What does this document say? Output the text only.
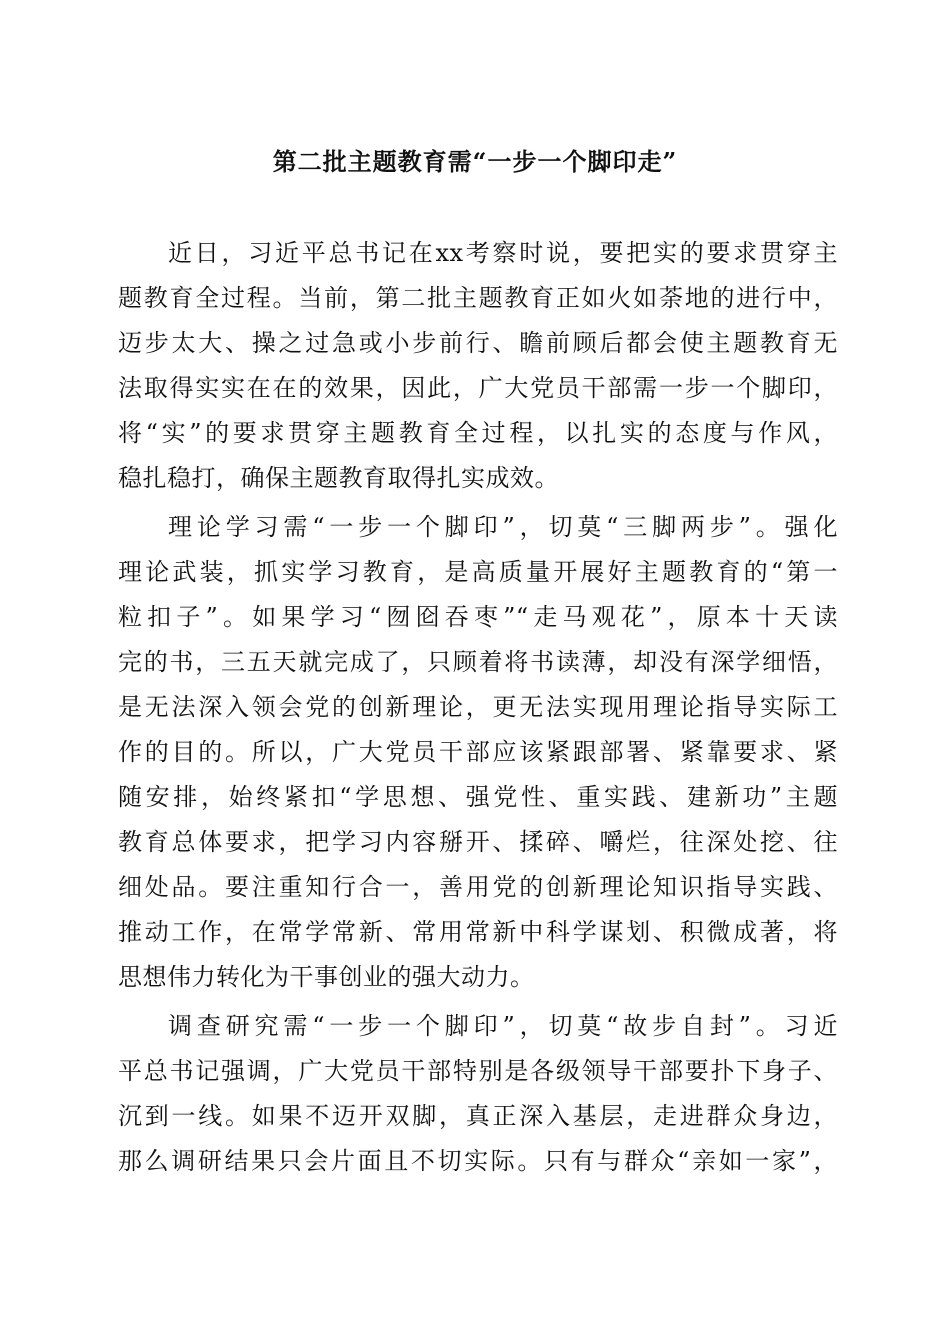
第二批主题教育需“一步一个脚印走”
近日，习近平总书记在xx考察时说，要把实的要求贯穿主
题教育全过程。当前，第二批主题教育正如火如荼地的进行中，
迈步太大、操之过急或小步前行、瞻前顾后都会使主题教育无
法取得实实在在的效果，因此，广大党员干部需一步一个脚印，
将“实”的要求贯穿主题教育全过程，以扎实的态度与作风，
稳扎稳打，确保主题教育取得扎实成效。
理论学习需“一步一个脚印”，切莫“三脚两步”。强化
理论武装，抓实学习教育，是高质量开展好主题教育的“第一
粒扣子”。如果学习“囫囵吞枣”“走马观花”，原本十天读
完的书，三五天就完成了，只顾着将书读薄，却没有深学细悟，
是无法深入领会党的创新理论，更无法实现用理论指导实际工
作的目的。所以，广大党员干部应该紧跟部署、紧靠要求、紧
随安排，始终紧扣“学思想、强党性、重实践、建新功”主题
教育总体要求，把学习内容掰开、揉碎、嚼烂，往深处挖、往
细处品。要注重知行合一，善用党的创新理论知识指导实践、
推动工作，在常学常新、常用常新中科学谋划、积微成著，将
思想伟力转化为干事创业的强大动力。
调查研究需“一步一个脚印”，切莫“故步自封”。习近
平总书记强调，广大党员干部特别是各级领导干部要扑下身子、
沉到一线。如果不迈开双脚，真正深入基层，走进群众身边，
那么调研结果只会片面且不切实际。只有与群众“亲如一家”，
